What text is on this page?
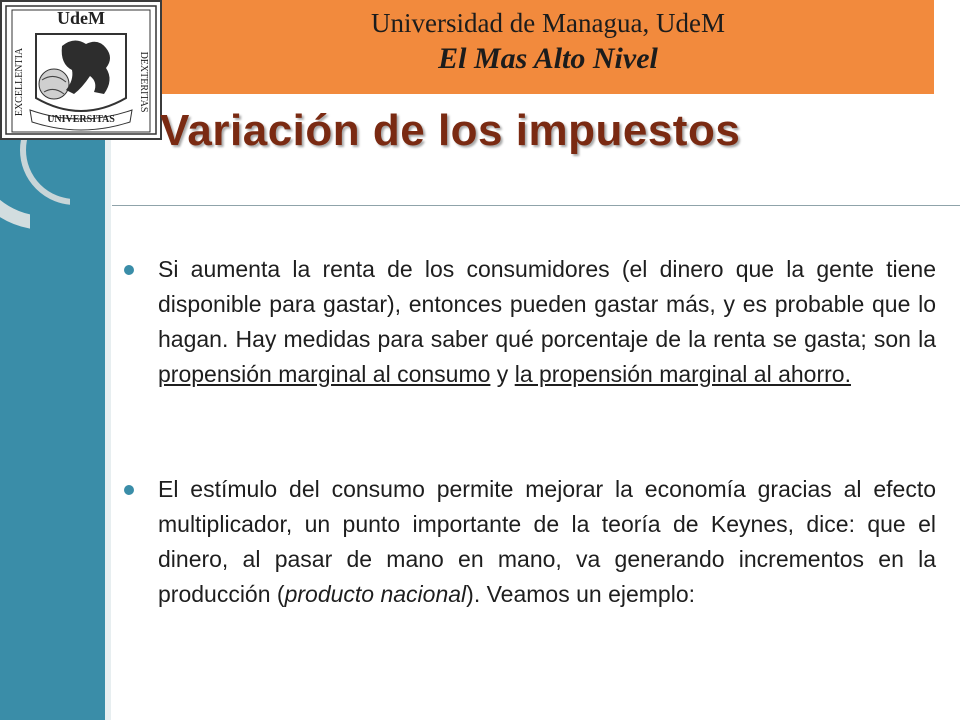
UdeM
EXCELLENTIA	DEXTERITAS
UNIVERSITAS
Universidad de Managua, UdeM
El Mas Alto Nivel
Variación de los impuestos
Si aumenta la renta de los consumidores (el dinero que la gente tiene disponible para gastar), entonces pueden gastar más, y es probable que lo hagan. Hay medidas para saber qué porcentaje de la renta se gasta; son la propensión marginal al consumo y la propensión marginal al ahorro.
El estímulo del consumo permite mejorar la economía gracias al efecto multiplicador, un punto importante de la teoría de Keynes, dice: que el dinero, al pasar de mano en mano, va generando incrementos en la producción (producto nacional). Veamos un ejemplo:
